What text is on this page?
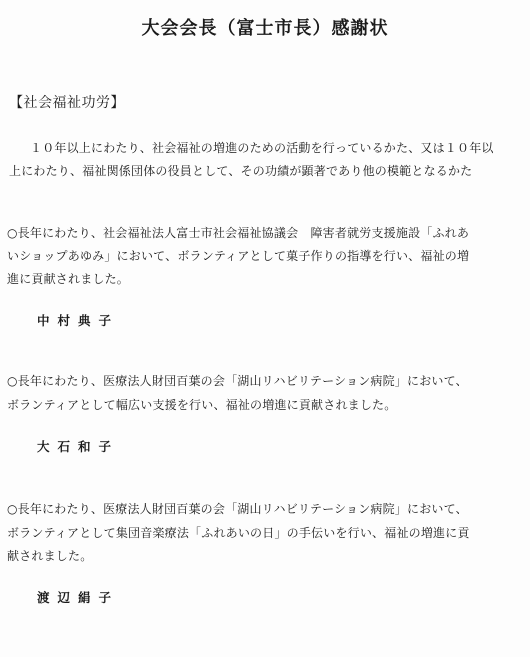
大会会長（富士市長）感謝状
【社会福祉功労】
１０年以上にわたり、社会福祉の増進のための活動を行っているかた、又は１０年以
上にわたり、福祉関係団体の役員として、その功績が顕著であり他の模範となるかた
○長年にわたり、社会福祉法人富士市社会福祉協議会　障害者就労支援施設「ふれあ
いショップあゆみ」において、ボランティアとして菓子作りの指導を行い、福祉の増
進に貢献されました。
中村典子
○長年にわたり、医療法人財団百葉の会「湖山リハビリテーション病院」において、
ボランティアとして幅広い支援を行い、福祉の増進に貢献されました。
大石和子
○長年にわたり、医療法人財団百葉の会「湖山リハビリテーション病院」において、
ボランティアとして集団音楽療法「ふれあいの日」の手伝いを行い、福祉の増進に貢
献されました。
渡辺絹子
